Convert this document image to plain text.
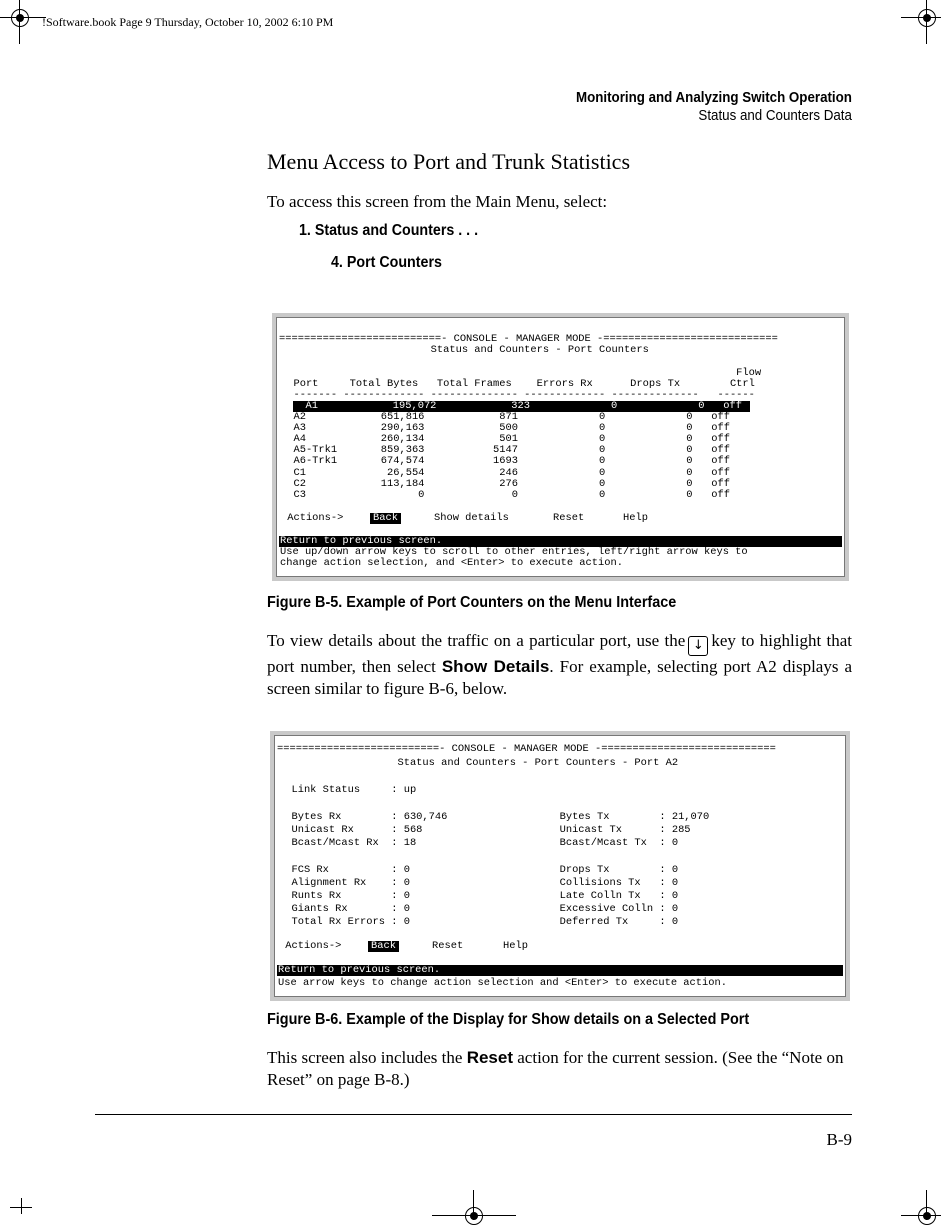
!Software.book Page 9 Thursday, October 10, 2002 6:10 PM
Monitoring and Analyzing Switch Operation
Status and Counters Data
Menu Access to Port and Trunk Statistics
To access this screen from the Main Menu, select:
1. Status and Counters . . .
4. Port Counters

==========================- CONSOLE - MANAGER MODE -============================

Status and Counters - Port Counters

Flow

Port     Total Bytes   Total Frames    Errors Rx      Drops Tx        Ctrl

------- ------------- -------------- ------------- --------------   ------

A1            195,072            323             0             0   off

A2            651,816            871             0             0   off

A3            290,163            500             0             0   off

A4            260,134            501             0             0   off

A5-Trk1       859,363           5147             0             0   off

A6-Trk1       674,574           1693             0             0   off

C1             26,554            246             0             0   off

C2            113,184            276             0             0   off

C3                  0              0             0             0   off

Actions->

	Back

	Show details

	Reset

	Help

Return to previous screen.

Use up/down arrow keys to scroll to other entries, left/right arrow keys to

change action selection, and <Enter> to execute action.

Figure B-5. Example of Port Counters on the Menu Interface
To view details about the traffic on a particular port, use the ↓ key to highlight that port number, then select Show Details. For example, selecting port A2 displays a screen similar to figure B-6, below.

==========================- CONSOLE - MANAGER MODE -============================

Status and Counters - Port Counters - Port A2

Link Status     : up

Bytes Rx        : 630,746                  Bytes Tx        : 21,070

Unicast Rx      : 568                      Unicast Tx      : 285

Bcast/Mcast Rx  : 18                       Bcast/Mcast Tx  : 0

FCS Rx          : 0                        Drops Tx        : 0

Alignment Rx    : 0                        Collisions Tx   : 0

Runts Rx        : 0                        Late Colln Tx   : 0

Giants Rx       : 0                        Excessive Colln : 0

Total Rx Errors : 0                        Deferred Tx     : 0

Actions->

	Back

	Reset

	Help

Return to previous screen.

Use arrow keys to change action selection and <Enter> to execute action.

Figure B-6. Example of the Display for Show details on a Selected Port
This screen also includes the Reset action for the current session. (See the “Note on Reset” on page B-8.)
B-9
